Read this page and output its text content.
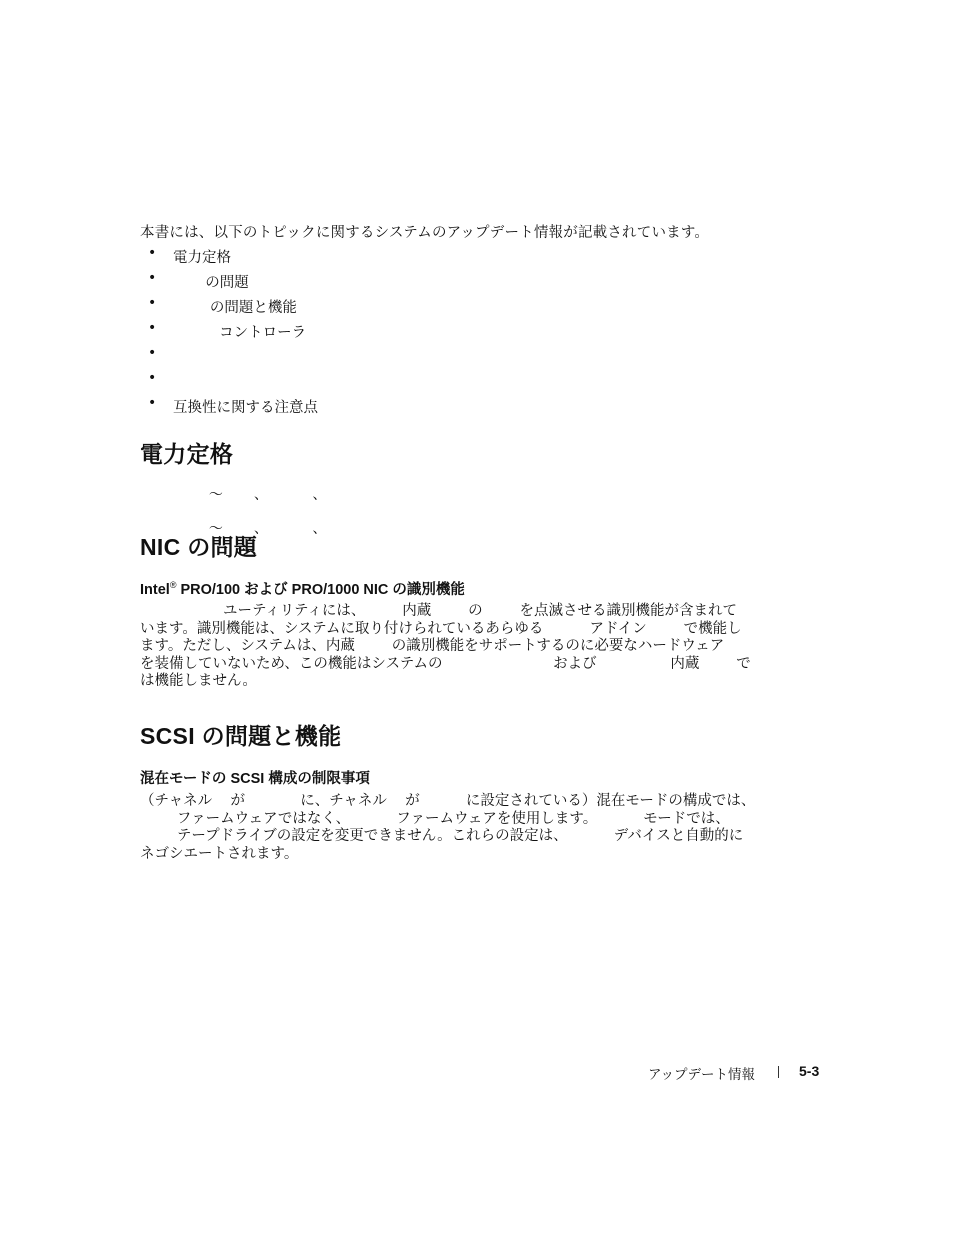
本書には、以下のトピックに関するシステムのアップデート情報が記載されています。
• 電力定格
• の問題
• の問題と機能
• コントローラ
•
•
• 互換性に関する注意点
電力定格

～       、          、

～       、          、

NIC の問題
Intel® PRO/100 および PRO/1000 NIC の識別機能
ユーティリティには、        内蔵        の        を点滅させる識別機能が含まれて
います。識別機能は、システムに取り付けられているあらゆる          アドイン        で機能し
ます。ただし、システムは、内蔵        の識別機能をサポートするのに必要なハードウェア
を装備していないため、この機能はシステムの                        および                内蔵        で
は機能しません。
SCSI の問題と機能
混在モードの SCSI 構成の制限事項
（チャネル    が            に、チャネル    が          に設定されている）混在モードの構成では、
ファームウェアではなく、          ファームウェアを使用します。          モードでは、
テープドライブの設定を変更できません。これらの設定は、          デバイスと自動的に
ネゴシエートされます。
アップデート情報	5-3
